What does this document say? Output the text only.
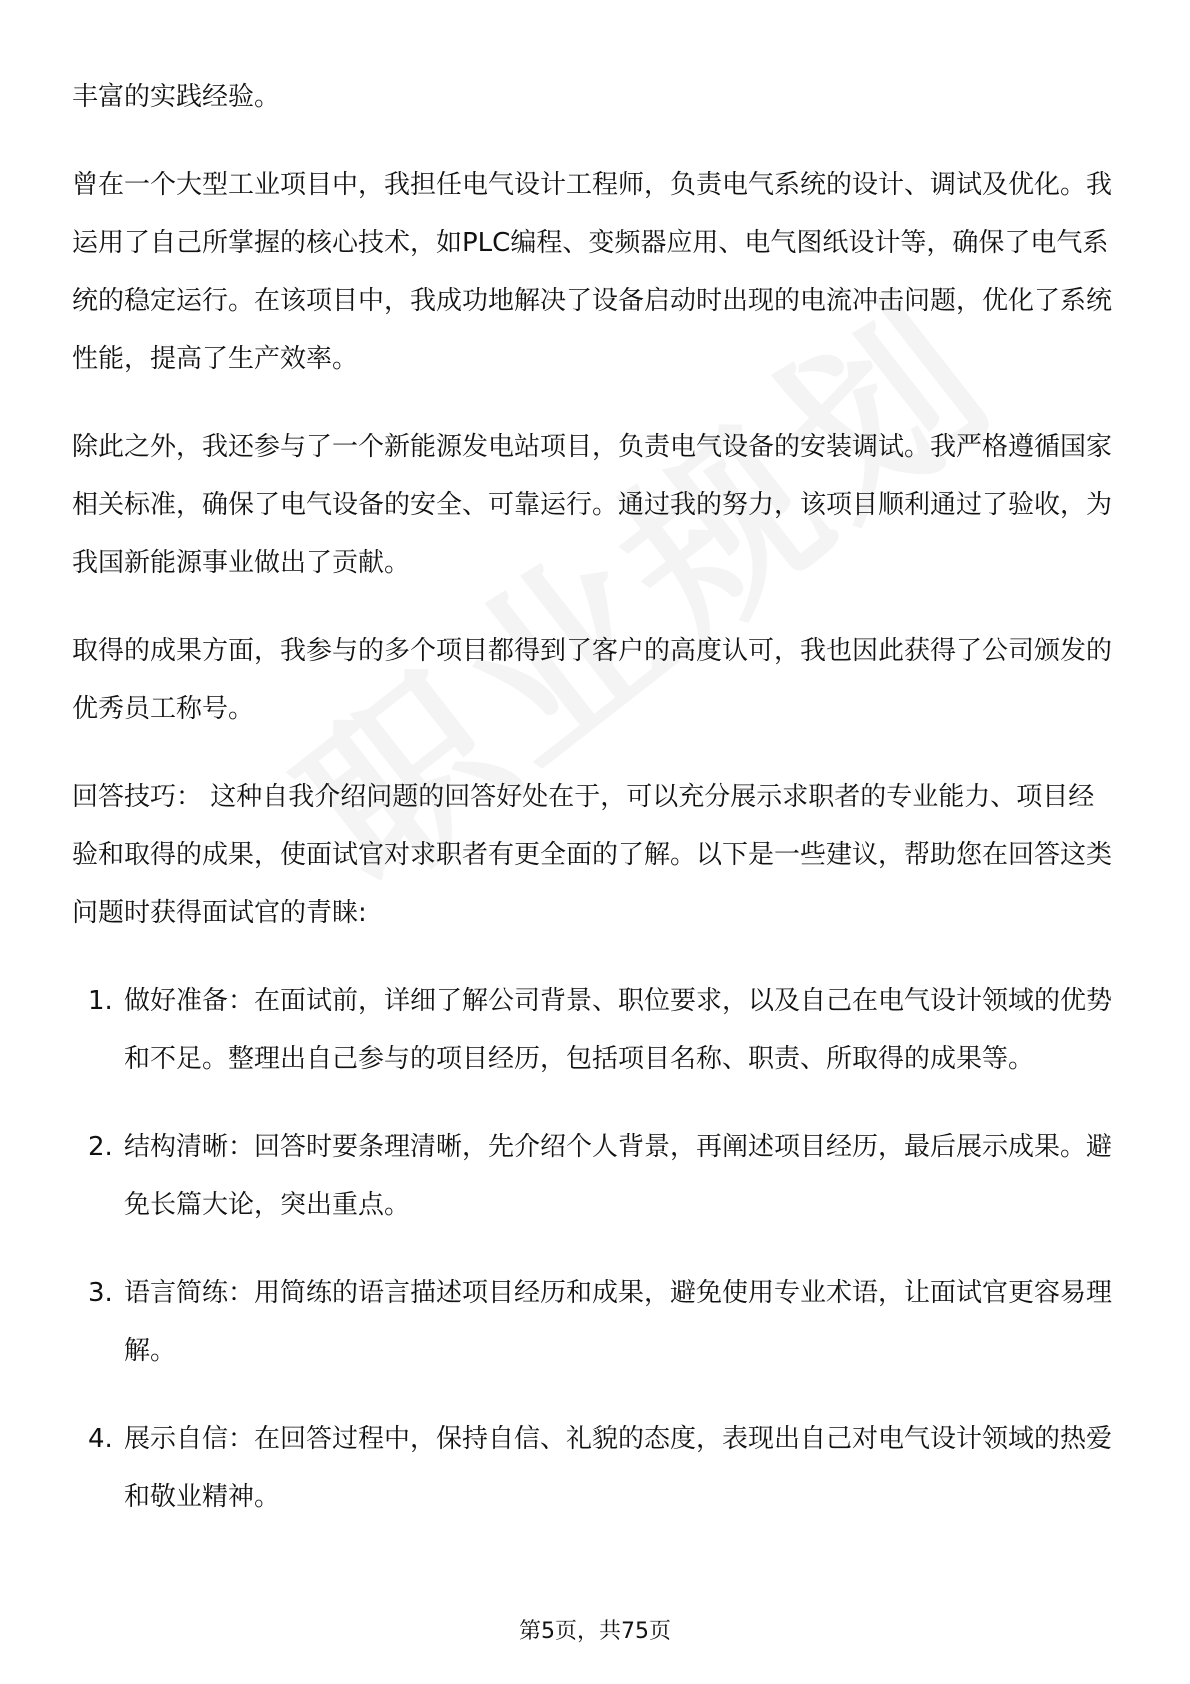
丰富的实践经验。

曾在一个大型工业项目中，我担任电气设计工程师，负责电气系统的设计、调试及优化。我运用了自己所掌握的核心技术，如PLC编程、变频器应用、电气图纸设计等，确保了电气系统的稳定运行。在该项目中，我成功地解决了设备启动时出现的电流冲击问题，优化了系统性能，提高了生产效率。

除此之外，我还参与了一个新能源发电站项目，负责电气设备的安装调试。我严格遵循国家相关标准，确保了电气设备的安全、可靠运行。通过我的努力，该项目顺利通过了验收，为我国新能源事业做出了贡献。

取得的成果方面，我参与的多个项目都得到了客户的高度认可，我也因此获得了公司颁发的优秀员工称号。

回答技巧： 这种自我介绍问题的回答好处在于，可以充分展示求职者的专业能力、项目经验和取得的成果，使面试官对求职者有更全面的了解。以下是一些建议，帮助您在回答这类问题时获得面试官的青睐:

1. 做好准备：在面试前，详细了解公司背景、职位要求，以及自己在电气设计领域的优势和不足。整理出自己参与的项目经历，包括项目名称、职责、所取得的成果等。
2. 结构清晰：回答时要条理清晰，先介绍个人背景，再阐述项目经历，最后展示成果。避免长篇大论，突出重点。
3. 语言简练：用简练的语言描述项目经历和成果，避免使用专业术语，让面试官更容易理解。
4. 展示自信：在回答过程中，保持自信、礼貌的态度，表现出自己对电气设计领域的热爱和敬业精神。
第5页，共75页
